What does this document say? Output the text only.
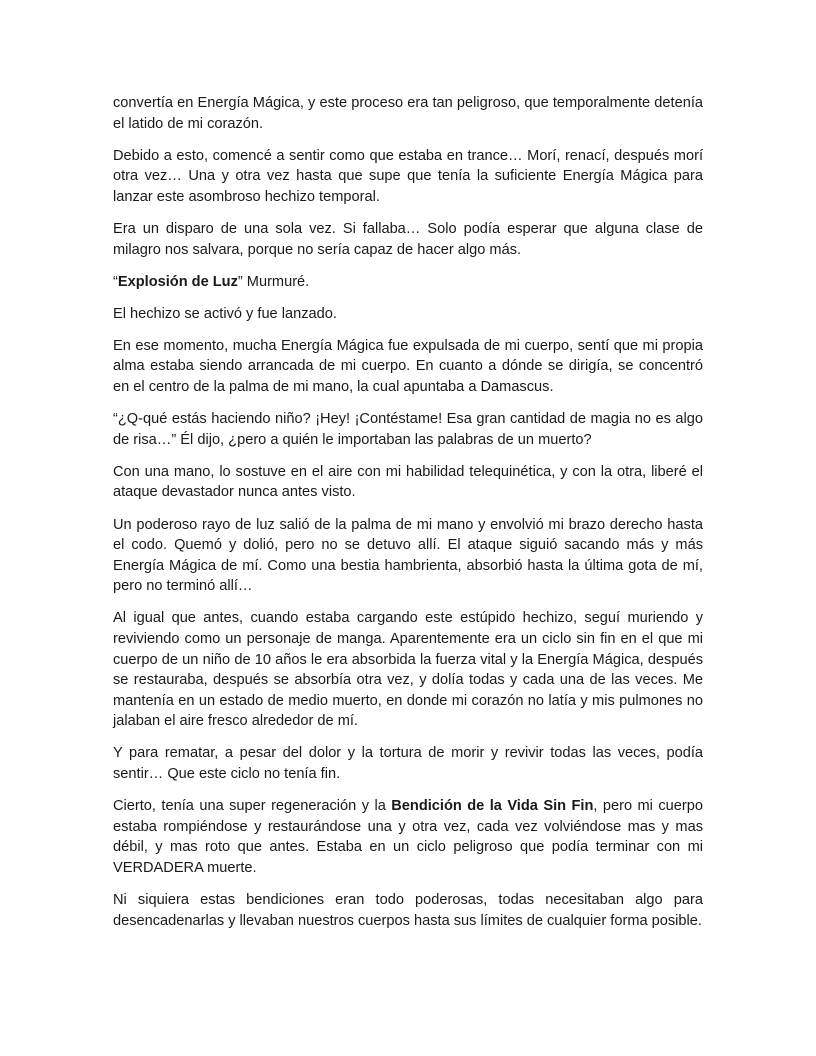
convertía en Energía Mágica, y este proceso era tan peligroso, que temporalmente detenía el latido de mi corazón.

Debido a esto, comencé a sentir como que estaba en trance… Morí, renací, después morí otra vez… Una y otra vez hasta que supe que tenía la suficiente Energía Mágica para lanzar este asombroso hechizo temporal.

Era un disparo de una sola vez. Si fallaba… Solo podía esperar que alguna clase de milagro nos salvara, porque no sería capaz de hacer algo más.

“Explosión de Luz” Murmuré.

El hechizo se activó y fue lanzado.

En ese momento, mucha Energía Mágica fue expulsada de mi cuerpo, sentí que mi propia alma estaba siendo arrancada de mi cuerpo. En cuanto a dónde se dirigía, se concentró en el centro de la palma de mi mano, la cual apuntaba a Damascus.

“¿Q-qué estás haciendo niño? ¡Hey! ¡Contéstame! Esa gran cantidad de magia no es algo de risa…” Él dijo, ¿pero a quién le importaban las palabras de un muerto?

Con una mano, lo sostuve en el aire con mi habilidad telequinética, y con la otra, liberé el ataque devastador nunca antes visto.

Un poderoso rayo de luz salió de la palma de mi mano y envolvió mi brazo derecho hasta el codo. Quemó y dolió, pero no se detuvo allí. El ataque siguió sacando más y más Energía Mágica de mí. Como una bestia hambrienta, absorbió hasta la última gota de mí, pero no terminó allí…

Al igual que antes, cuando estaba cargando este estúpido hechizo, seguí muriendo y reviviendo como un personaje de manga. Aparentemente era un ciclo sin fin en el que mi cuerpo de un niño de 10 años le era absorbida la fuerza vital y la Energía Mágica, después se restauraba, después se absorbía otra vez, y dolía todas y cada una de las veces. Me mantenía en un estado de medio muerto, en donde mi corazón no latía y mis pulmones no jalaban el aire fresco alrededor de mí.

Y para rematar, a pesar del dolor y la tortura de morir y revivir todas las veces, podía sentir… Que este ciclo no tenía fin.

Cierto, tenía una super regeneración y la Bendición de la Vida Sin Fin, pero mi cuerpo estaba rompiéndose y restaurándose una y otra vez, cada vez volviéndose mas y mas débil, y mas roto que antes. Estaba en un ciclo peligroso que podía terminar con mi VERDADERA muerte.

Ni siquiera estas bendiciones eran todo poderosas, todas necesitaban algo para desencadenarlas y llevaban nuestros cuerpos hasta sus límites de cualquier forma posible.
